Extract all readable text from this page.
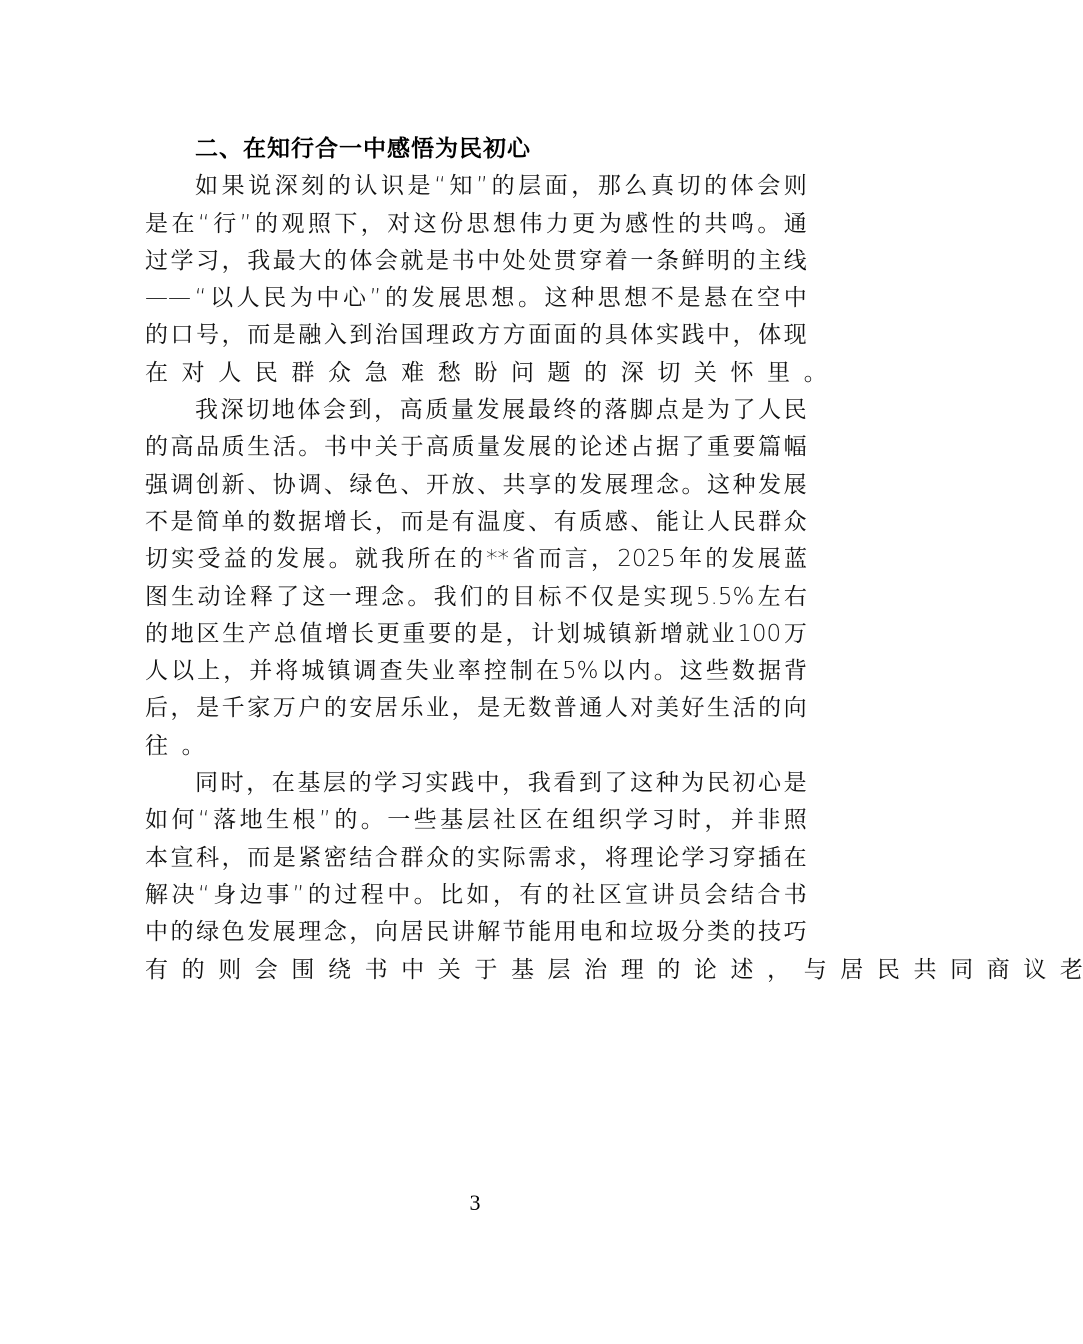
二、在知行合一中感悟为民初心
如 果 说 深 刻 的 认 识 是 “ 知 ” 的 层 面 ， 那 么 真 切 的 体 会 则
是 在 “ 行 ” 的 观 照 下 ， 对 这 份 思 想 伟 力 更 为 感 性 的 共 鸣 。 通
过 学 习 ， 我 最 大 的 体 会 就 是 书 中 处 处 贯 穿 着 一 条 鲜 明 的 主 线
—— “ 以 人 民 为 中 心 ” 的 发 展 思 想 。 这 种 思 想 不 是 悬 在 空 中
的 口 号 ， 而 是 融 入 到 治 国 理 政 方 方 面 面 的 具 体 实 践 中 ， 体 现
在 对 人 民 群 众 急 难 愁 盼 问 题 的 深 切 关 怀 里 。
我 深 切 地 体 会 到 ， 高 质 量 发 展 最 终 的 落 脚 点 是 为 了 人 民
的 高 品 质 生 活 。 书 中 关 于 高 质 量 发 展 的 论 述 占 据 了 重 要 篇 幅
强 调 创 新 、 协 调 、 绿 色 、 开 放 、 共 享 的 发 展 理 念 。 这 种 发 展
不 是 简 单 的 数 据 增 长 ， 而 是 有 温 度 、 有 质 感 、 能 让 人 民 群 众
切 实 受 益 的 发 展 。 就 我 所 在 的 ** 省 而 言 ， 2025 年 的 发 展 蓝
图 生 动 诠 释 了 这 一 理 念 。 我 们 的 目 标 不 仅 是 实 现 5.5% 左 右
的 地 区 生 产 总 值 增 长 更 重 要 的 是 ， 计 划 城 镇 新 增 就 业 100 万
人 以 上 ， 并 将 城 镇 调 查 失 业 率 控 制 在 5% 以 内 。 这 些 数 据 背
后 ， 是 千 家 万 户 的 安 居 乐 业 ， 是 无 数 普 通 人 对 美 好 生 活 的 向
往 。
同 时 ， 在 基 层 的 学 习 实 践 中 ， 我 看 到 了 这 种 为 民 初 心 是
如 何 “ 落 地 生 根 ” 的 。 一 些 基 层 社 区 在 组 织 学 习 时 ， 并 非 照
本 宣 科 ， 而 是 紧 密 结 合 群 众 的 实 际 需 求 ， 将 理 论 学 习 穿 插 在
解 决 “ 身 边 事 ” 的 过 程 中 。 比 如 ， 有 的 社 区 宣 讲 员 会 结 合 书
中 的 绿 色 发 展 理 念 ， 向 居 民 讲 解 节 能 用 电 和 垃 圾 分 类 的 技 巧
有 的 则 会 围 绕 书 中 关 于 基 层 治 理 的 论 述 ， 与 居 民 共 同 商 议 老
3
